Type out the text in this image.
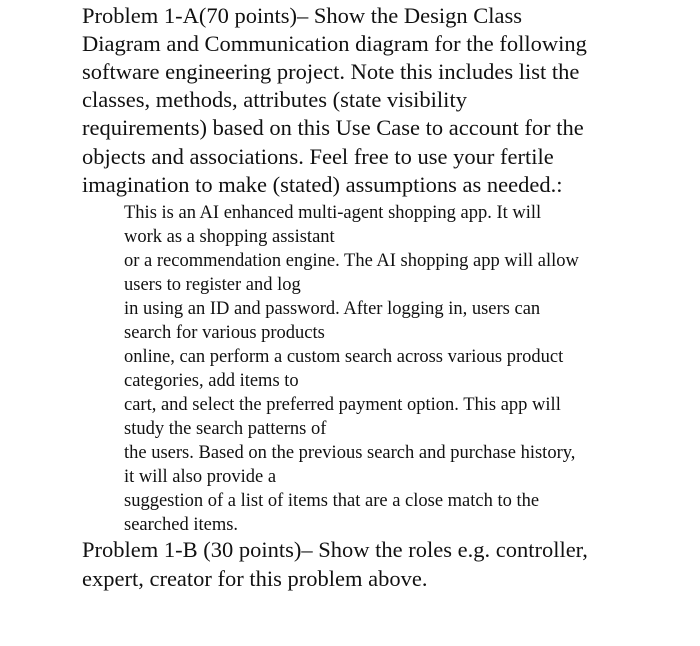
Problem 1-A(70 points)– Show the Design Class

Diagram and Communication diagram for the following

software engineering project. Note this includes list the

classes, methods, attributes (state visibility

requirements) based on this Use Case to account for the

objects and associations. Feel free to use your fertile

imagination to make (stated) assumptions as needed.:

This is an AI enhanced multi-agent shopping app. It will

work as a shopping assistant

or a recommendation engine. The AI shopping app will allow

users to register and log

in using an ID and password. After logging in, users can

search for various products

online, can perform a custom search across various product

categories, add items to

cart, and select the preferred payment option. This app will

study the search patterns of

the users. Based on the previous search and purchase history,

it will also provide a

suggestion of a list of items that are a close match to the

searched items.

Problem 1-B (30 points)– Show the roles e.g. controller,

expert, creator for this problem above.
